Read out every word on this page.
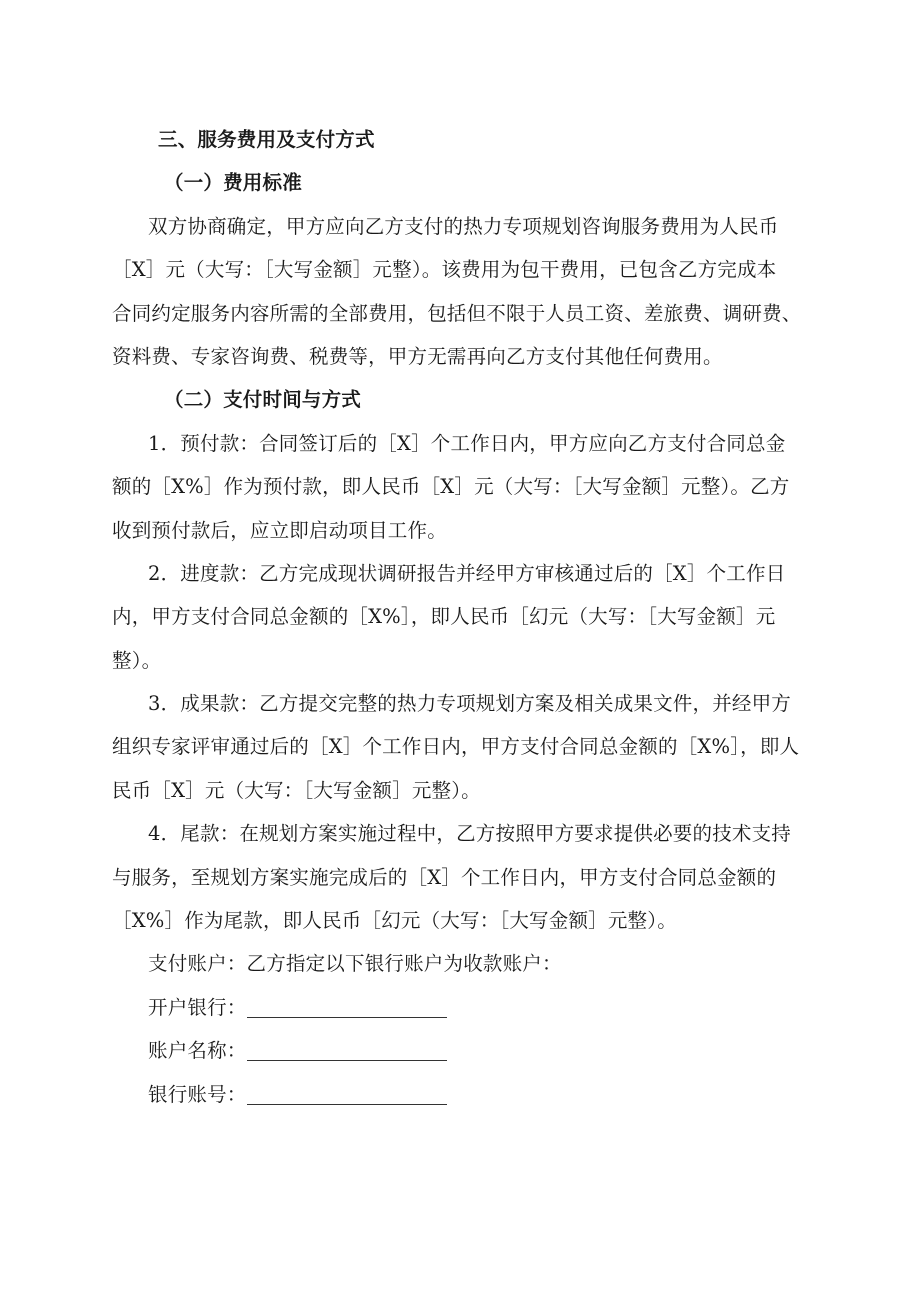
三、服务费用及支付方式
（一）费用标准
双方协商确定，甲方应向乙方支付的热力专项规划咨询服务费用为人民币
［X］元（大写：［大写金额］元整）。该费用为包干费用，已包含乙方完成本
合同约定服务内容所需的全部费用，包括但不限于人员工资、差旅费、调研费、
资料费、专家咨询费、税费等，甲方无需再向乙方支付其他任何费用。
（二）支付时间与方式
1．预付款：合同签订后的［X］个工作日内，甲方应向乙方支付合同总金
额的［X%］作为预付款，即人民币［X］元（大写：［大写金额］元整）。乙方
收到预付款后，应立即启动项目工作。
2．进度款：乙方完成现状调研报告并经甲方审核通过后的［X］个工作日
内，甲方支付合同总金额的［X%］，即人民币［幻元（大写：［大写金额］元
整）。
3．成果款：乙方提交完整的热力专项规划方案及相关成果文件，并经甲方
组织专家评审通过后的［X］个工作日内，甲方支付合同总金额的［X%］，即人
民币［X］元（大写：［大写金额］元整）。
4．尾款：在规划方案实施过程中，乙方按照甲方要求提供必要的技术支持
与服务，至规划方案实施完成后的［X］个工作日内，甲方支付合同总金额的
［X%］作为尾款，即人民币［幻元（大写：［大写金额］元整）。
支付账户：乙方指定以下银行账户为收款账户：
开户银行：
账户名称：
银行账号：
